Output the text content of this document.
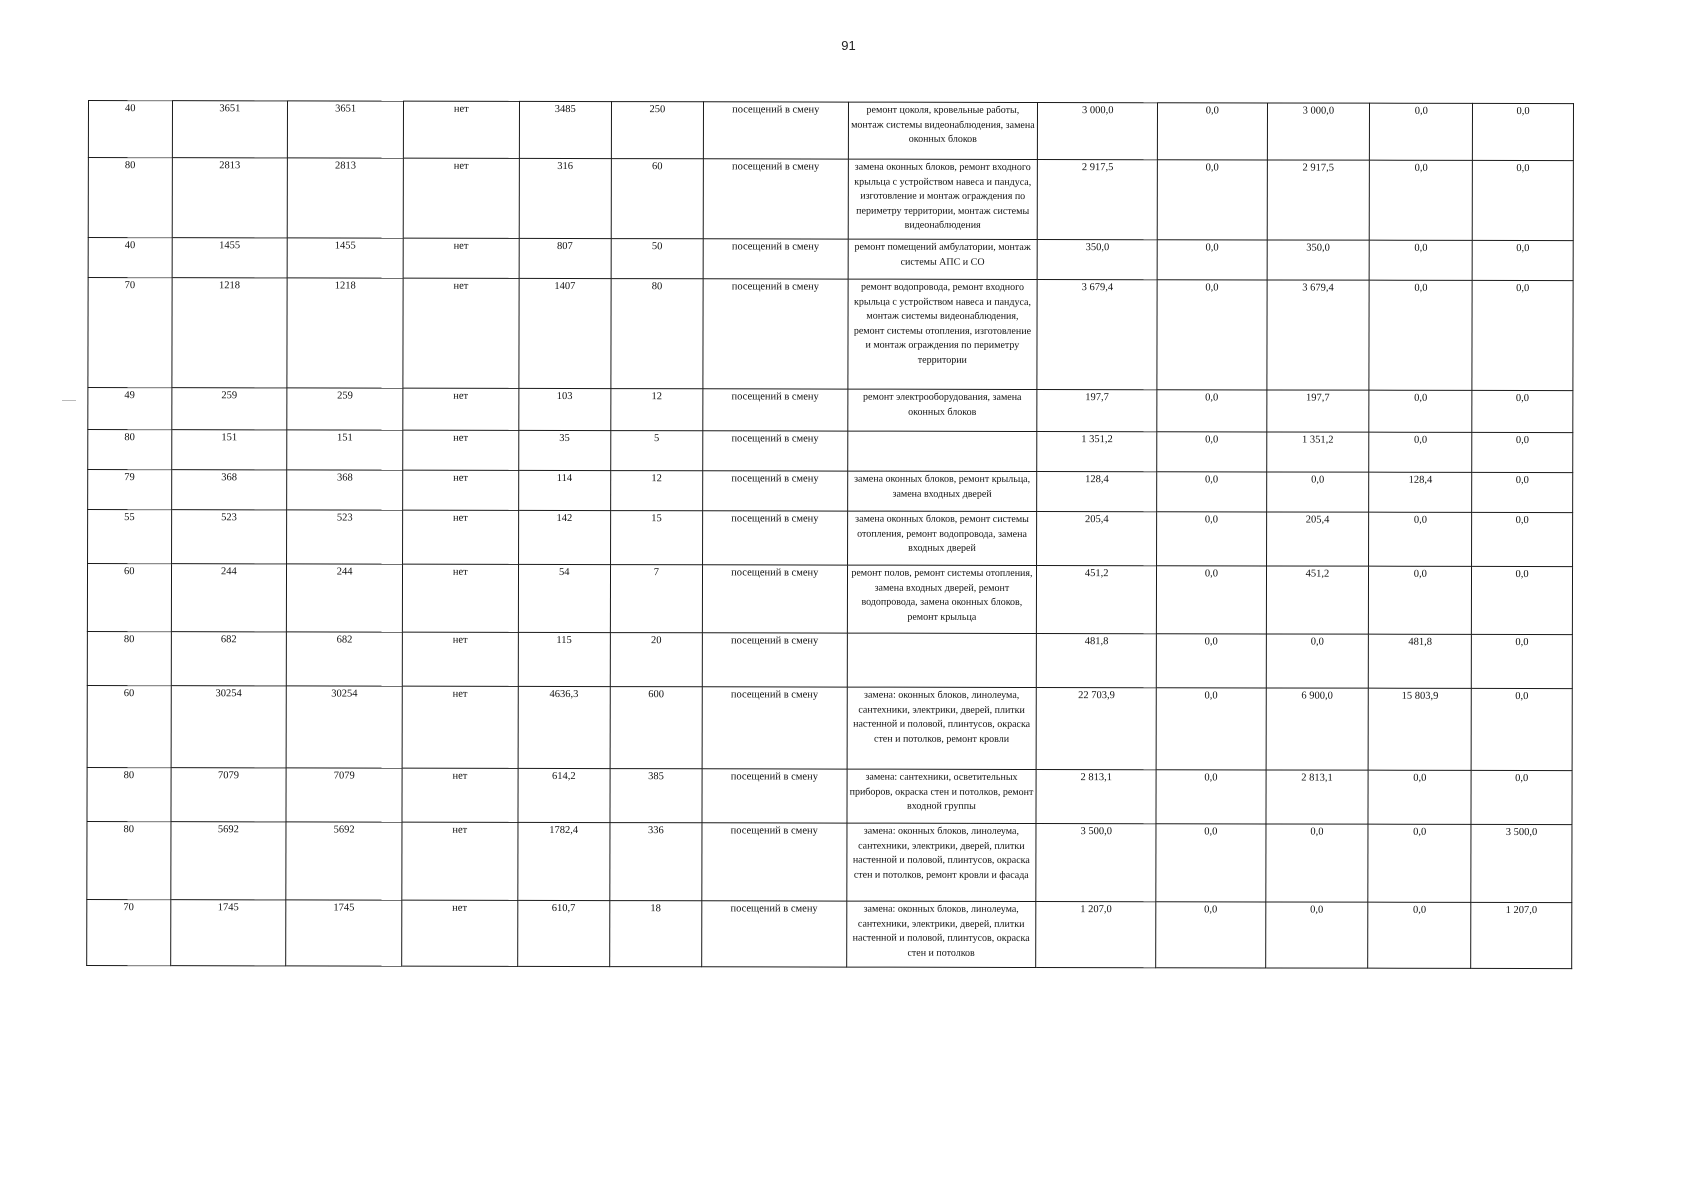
91
40	3651	3651	нет	3485	250	посещений в смену	ремонт цоколя, кровельные работы, монтаж системы видеонаблюдения, замена оконных блоков	3 000,0	0,0	3 000,0	0,0	0,0
80	2813	2813	нет	316	60	посещений в смену	замена оконных блоков, ремонт входного крыльца с устройством навеса и пандуса, изготовление и монтаж ограждения по периметру территории, монтаж системы видеонаблюдения	2 917,5	0,0	2 917,5	0,0	0,0
40	1455	1455	нет	807	50	посещений в смену	ремонт помещений амбулатории, монтаж системы АПС и СО	350,0	0,0	350,0	0,0	0,0
70	1218	1218	нет	1407	80	посещений в смену	ремонт водопровода, ремонт входного крыльца с устройством навеса и пандуса, монтаж системы видеонаблюдения, ремонт системы отопления, изготовление и монтаж ограждения по периметру территории	3 679,4	0,0	3 679,4	0,0	0,0
49	259	259	нет	103	12	посещений в смену	ремонт электрооборудования, замена оконных блоков	197,7	0,0	197,7	0,0	0,0
80	151	151	нет	35	5	посещений в смену		1 351,2	0,0	1 351,2	0,0	0,0
79	368	368	нет	114	12	посещений в смену	замена оконных блоков, ремонт крыльца, замена входных дверей	128,4	0,0	0,0	128,4	0,0
55	523	523	нет	142	15	посещений в смену	замена оконных блоков, ремонт системы отопления, ремонт водопровода, замена входных дверей	205,4	0,0	205,4	0,0	0,0
60	244	244	нет	54	7	посещений в смену	ремонт полов, ремонт системы отопления, замена входных дверей, ремонт водопровода, замена оконных блоков, ремонт крыльца	451,2	0,0	451,2	0,0	0,0
80	682	682	нет	115	20	посещений в смену		481,8	0,0	0,0	481,8	0,0
60	30254	30254	нет	4636,3	600	посещений в смену	замена: оконных блоков, линолеума, сантехники, электрики, дверей, плитки настенной и половой, плинтусов, окраска стен и потолков, ремонт кровли	22 703,9	0,0	6 900,0	15 803,9	0,0
80	7079	7079	нет	614,2	385	посещений в смену	замена: сантехники, осветительных приборов, окраска стен и потолков, ремонт входной группы	2 813,1	0,0	2 813,1	0,0	0,0
80	5692	5692	нет	1782,4	336	посещений в смену	замена: оконных блоков, линолеума, сантехники, электрики, дверей, плитки настенной и половой, плинтусов, окраска стен и потолков, ремонт кровли и фасада	3 500,0	0,0	0,0	0,0	3 500,0
70	1745	1745	нет	610,7	18	посещений в смену	замена: оконных блоков, линолеума, сантехники, электрики, дверей, плитки настенной и половой, плинтусов, окраска стен и потолков	1 207,0	0,0	0,0	0,0	1 207,0
